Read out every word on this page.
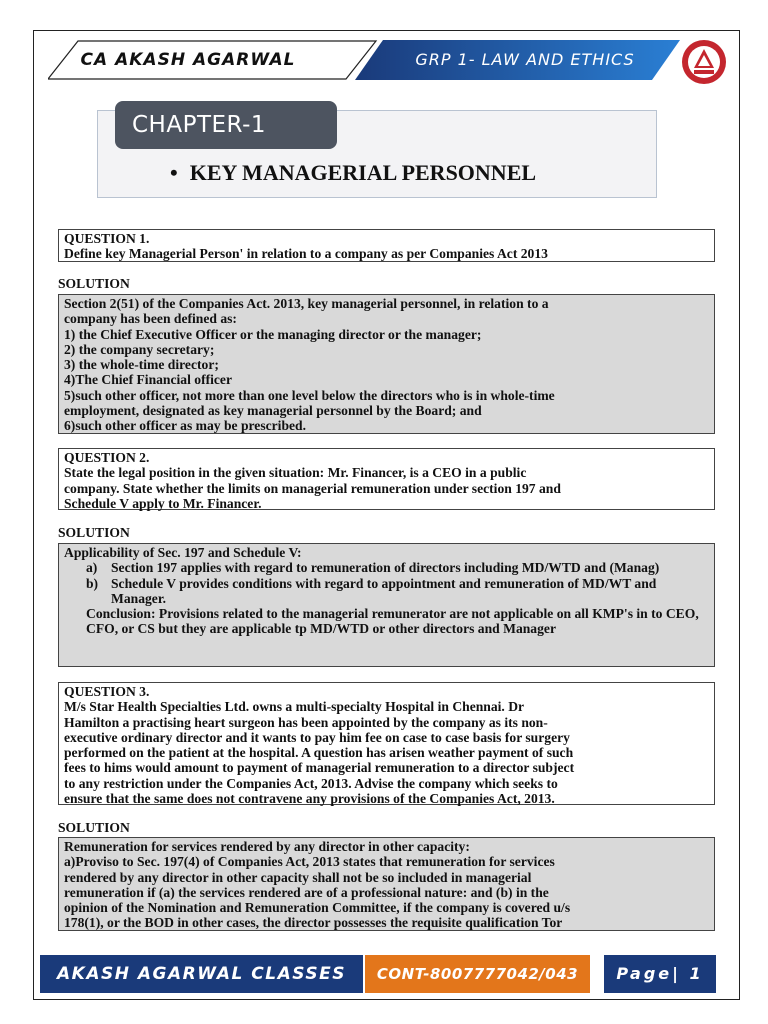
CA AKASH AGARWAL	GRP 1- LAW AND ETHICS
CHAPTER-1
• KEY MANAGERIAL PERSONNEL
QUESTION 1.
Define key Managerial Person' in relation to a company as per Companies Act 2013
SOLUTION
Section 2(51) of the Companies Act. 2013, key managerial personnel, in relation to a
company has been defined as:
1) the Chief Executive Officer or the managing director or the manager;
2) the company secretary;
3) the whole-time director;
4)The Chief Financial officer
5)such other officer, not more than one level below the directors who is in whole-time
employment, designated as key managerial personnel by the Board; and
6)such other officer as may be prescribed.
QUESTION 2.
State the legal position in the given situation: Mr. Financer, is a CEO in a public
company. State whether the limits on managerial remuneration under section 197 and
Schedule V apply to Mr. Financer.
SOLUTION
Applicability of Sec. 197 and Schedule V:
a)	Section 197 applies with regard to remuneration of directors including MD/WTD and (Manag)
b) Schedule V provides conditions with regard to appointment and remuneration of MD/WT and Manager.
Conclusion: Provisions related to the managerial remunerator are not applicable on all KMP's in to CEO, CFO, or CS but they are applicable tp MD/WTD or other directors and Manager
QUESTION 3.
M/s Star Health Specialties Ltd. owns a multi-specialty Hospital in Chennai. Dr
Hamilton a practising heart surgeon has been appointed by the company as its non-
executive ordinary director and it wants to pay him fee on case to case basis for surgery
performed on the patient at the hospital. A question has arisen weather payment of such
fees to hims would amount to payment of managerial remuneration to a director subject
to any restriction under the Companies Act, 2013. Advise the company which seeks to
ensure that the same does not contravene any provisions of the Companies Act, 2013.
SOLUTION
Remuneration for services rendered by any director in other capacity:
a)Proviso to Sec. 197(4) of Companies Act, 2013 states that remuneration for services
rendered by any director in other capacity shall not be so included in managerial
remuneration if (a) the services rendered are of a professional nature: and (b) in the
opinion of the Nomination and Remuneration Committee, if the company is covered u/s
178(1), or the BOD in other cases, the director possesses the requisite qualification Tor
AKASH AGARWAL CLASSES	CONT-8007777042/043	Page| 1
